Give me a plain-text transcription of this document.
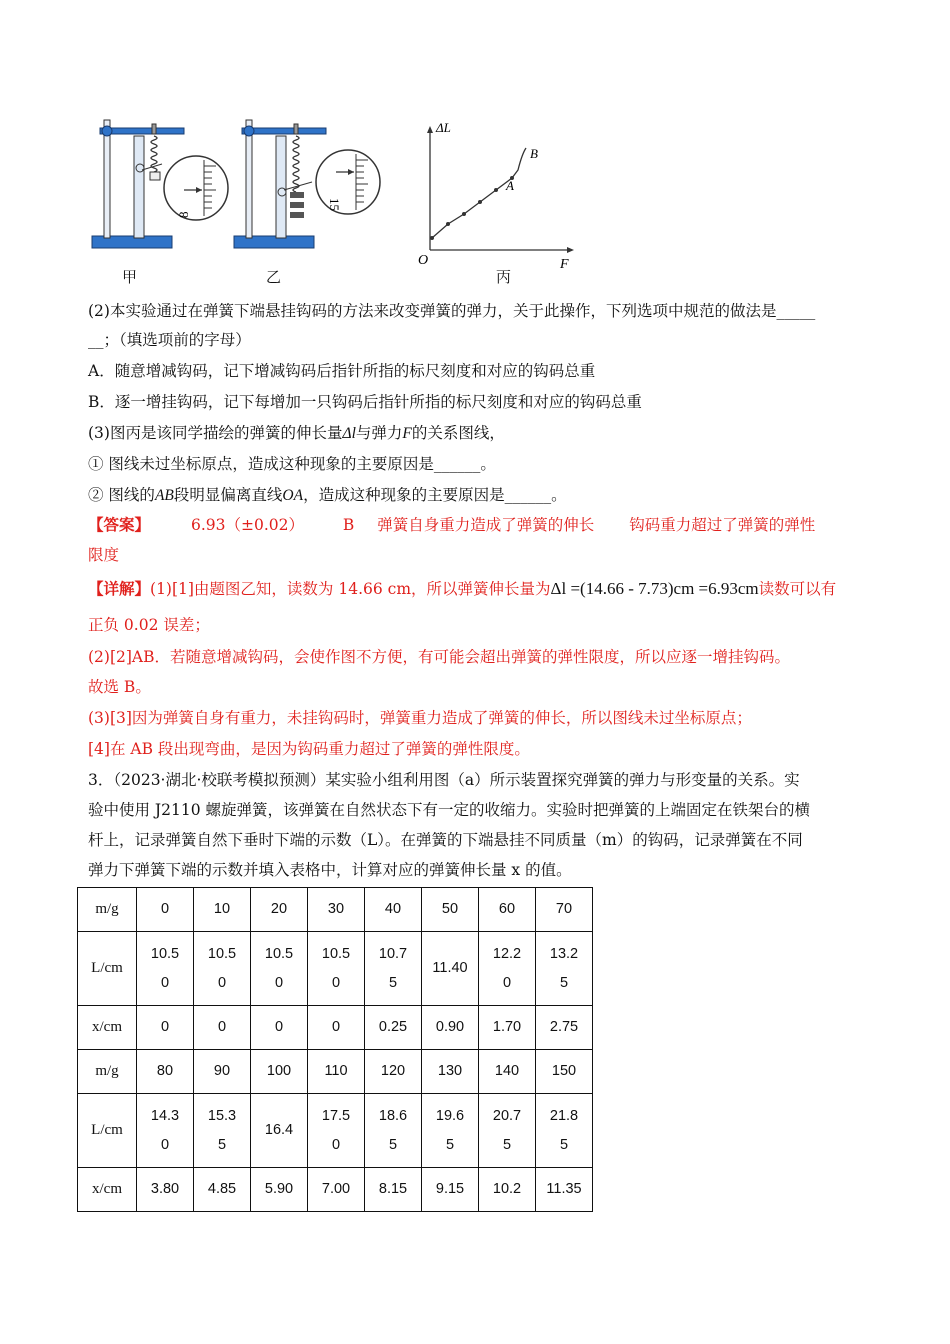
8
甲
15
乙
ΔL
F
O
A
B
丙
(2)本实验通过在弹簧下端悬挂钩码的方法来改变弹簧的弹力，关于此操作，下列选项中规范的做法是_____
__；（填选项前的字母）
A．随意增减钩码，记下增减钩码后指针所指的标尺刻度和对应的钩码总重
B．逐一增挂钩码，记下每增加一只钩码后指针所指的标尺刻度和对应的钩码总重
(3)图丙是该同学描绘的弹簧的伸长量Δl与弹力F的关系图线，
① 图线未过坐标原点，造成这种现象的主要原因是______。
② 图线的AB段明显偏离直线OA，造成这种现象的主要原因是______。
【答案】	6.93（±0.02）	B 弹簧自身重力造成了弹簧的伸长 钩码重力超过了弹簧的弹性
限度
【详解】(1)[1]由题图乙知，读数为 14.66 cm，所以弹簧伸长量为Δl =(14.66 - 7.73)cm =6.93cm读数可以有
正负 0.02 误差；
(2)[2]AB．若随意增减钩码，会使作图不方便，有可能会超出弹簧的弹性限度，所以应逐一增挂钩码。
故选 B。
(3)[3]因为弹簧自身有重力，未挂钩码时，弹簧重力造成了弹簧的伸长，所以图线未过坐标原点；
[4]在 AB 段出现弯曲，是因为钩码重力超过了弹簧的弹性限度。
3．（2023·湖北·校联考模拟预测）某实验小组利用图（a）所示装置探究弹簧的弹力与形变量的关系。实
验中使用 J2110 螺旋弹簧，该弹簧在自然状态下有一定的收缩力。实验时把弹簧的上端固定在铁架台的横
杆上，记录弹簧自然下垂时下端的示数（L）。在弹簧的下端悬挂不同质量（m）的钩码，记录弹簧在不同
弹力下弹簧下端的示数并填入表格中，计算对应的弹簧伸长量 x 的值。
m/g	0	10	20	30	40	50	60	70
L/cm	10.50	10.50	10.50	10.50	10.75	11.40	12.20	13.25
x/cm	0	0	0	0	0.25	0.90	1.70	2.75
m/g	80	90	100	110	120	130	140	150
L/cm	14.30	15.35	16.4	17.50	18.65	19.65	20.75	21.85
x/cm	3.80	4.85	5.90	7.00	8.15	9.15	10.2	11.35
